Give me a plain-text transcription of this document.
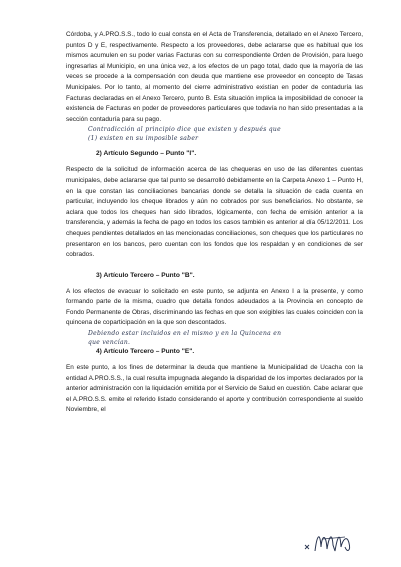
Córdoba, y A.PRO.S.S., todo lo cual consta en el Acta de Transferencia, detallado en el Anexo Tercero, puntos D y E, respectivamente. Respecto a los proveedores, debe aclararse que es habitual que los mismos acumulen en su poder varias Facturas con su correspondiente Orden de Provisión, para luego ingresarlas al Municipio, en una única vez, a los efectos de un pago total, dado que la mayoría de las veces se procede a la compensación con deuda que mantiene ese proveedor en concepto de Tasas Municipales. Por lo tanto, al momento del cierre administrativo existían en poder de contaduría las Facturas declaradas en el Anexo Tercero, punto B. Esta situación implica la imposibilidad de conocer la existencia de Facturas en poder de proveedores particulares que todavía no han sido presentadas a la sección contaduría para su pago.

Contradicción al principio dice que existen y después que
(1) existen en su imposible saber
2) Artículo Segundo – Punto "I".

Respecto de la solicitud de información acerca de las chequeras en uso de las diferentes cuentas municipales, debe aclararse que tal punto se desarrolló debidamente en la Carpeta Anexo 1 – Punto H, en la que constan las conciliaciones bancarias donde se detalla la situación de cada cuenta en particular, incluyendo los cheque librados y aún no cobrados por sus beneficiarios. No obstante, se aclara que todos los cheques han sido librados, lógicamente, con fecha de emisión anterior a la transferencia, y además la fecha de pago en todos los casos también es anterior al día 05/12/2011. Los cheques pendientes detallados en las mencionadas conciliaciones, son cheques que los particulares no presentaron en los bancos, pero cuentan con los fondos que los respaldan y en condiciones de ser cobrados.

3) Artículo Tercero – Punto "B".

A los efectos de evacuar lo solicitado en este punto, se adjunta en Anexo I a la presente, y como formando parte de la misma, cuadro que detalla fondos adeudados a la Provincia en concepto de Fondo Permanente de Obras, discriminando las fechas en que son exigibles las cuales coinciden con la quincena de coparticipación en la que son descontados.

Debiendo estar incluidos en el mismo y en la Quincena en
que vencían.
4) Artículo Tercero – Punto "E".

En este punto, a los fines de determinar la deuda que mantiene la Municipalidad de Ucacha con la entidad A.PRO.S.S., la cual resulta impugnada alegando la disparidad de los importes declarados por la anterior administración con la liquidación emitida por el Servicio de Salud en cuestión. Cabe aclarar que el A.PRO.S.S. emite el referido listado considerando el aporte y contribución correspondiente al sueldo Noviembre, el
